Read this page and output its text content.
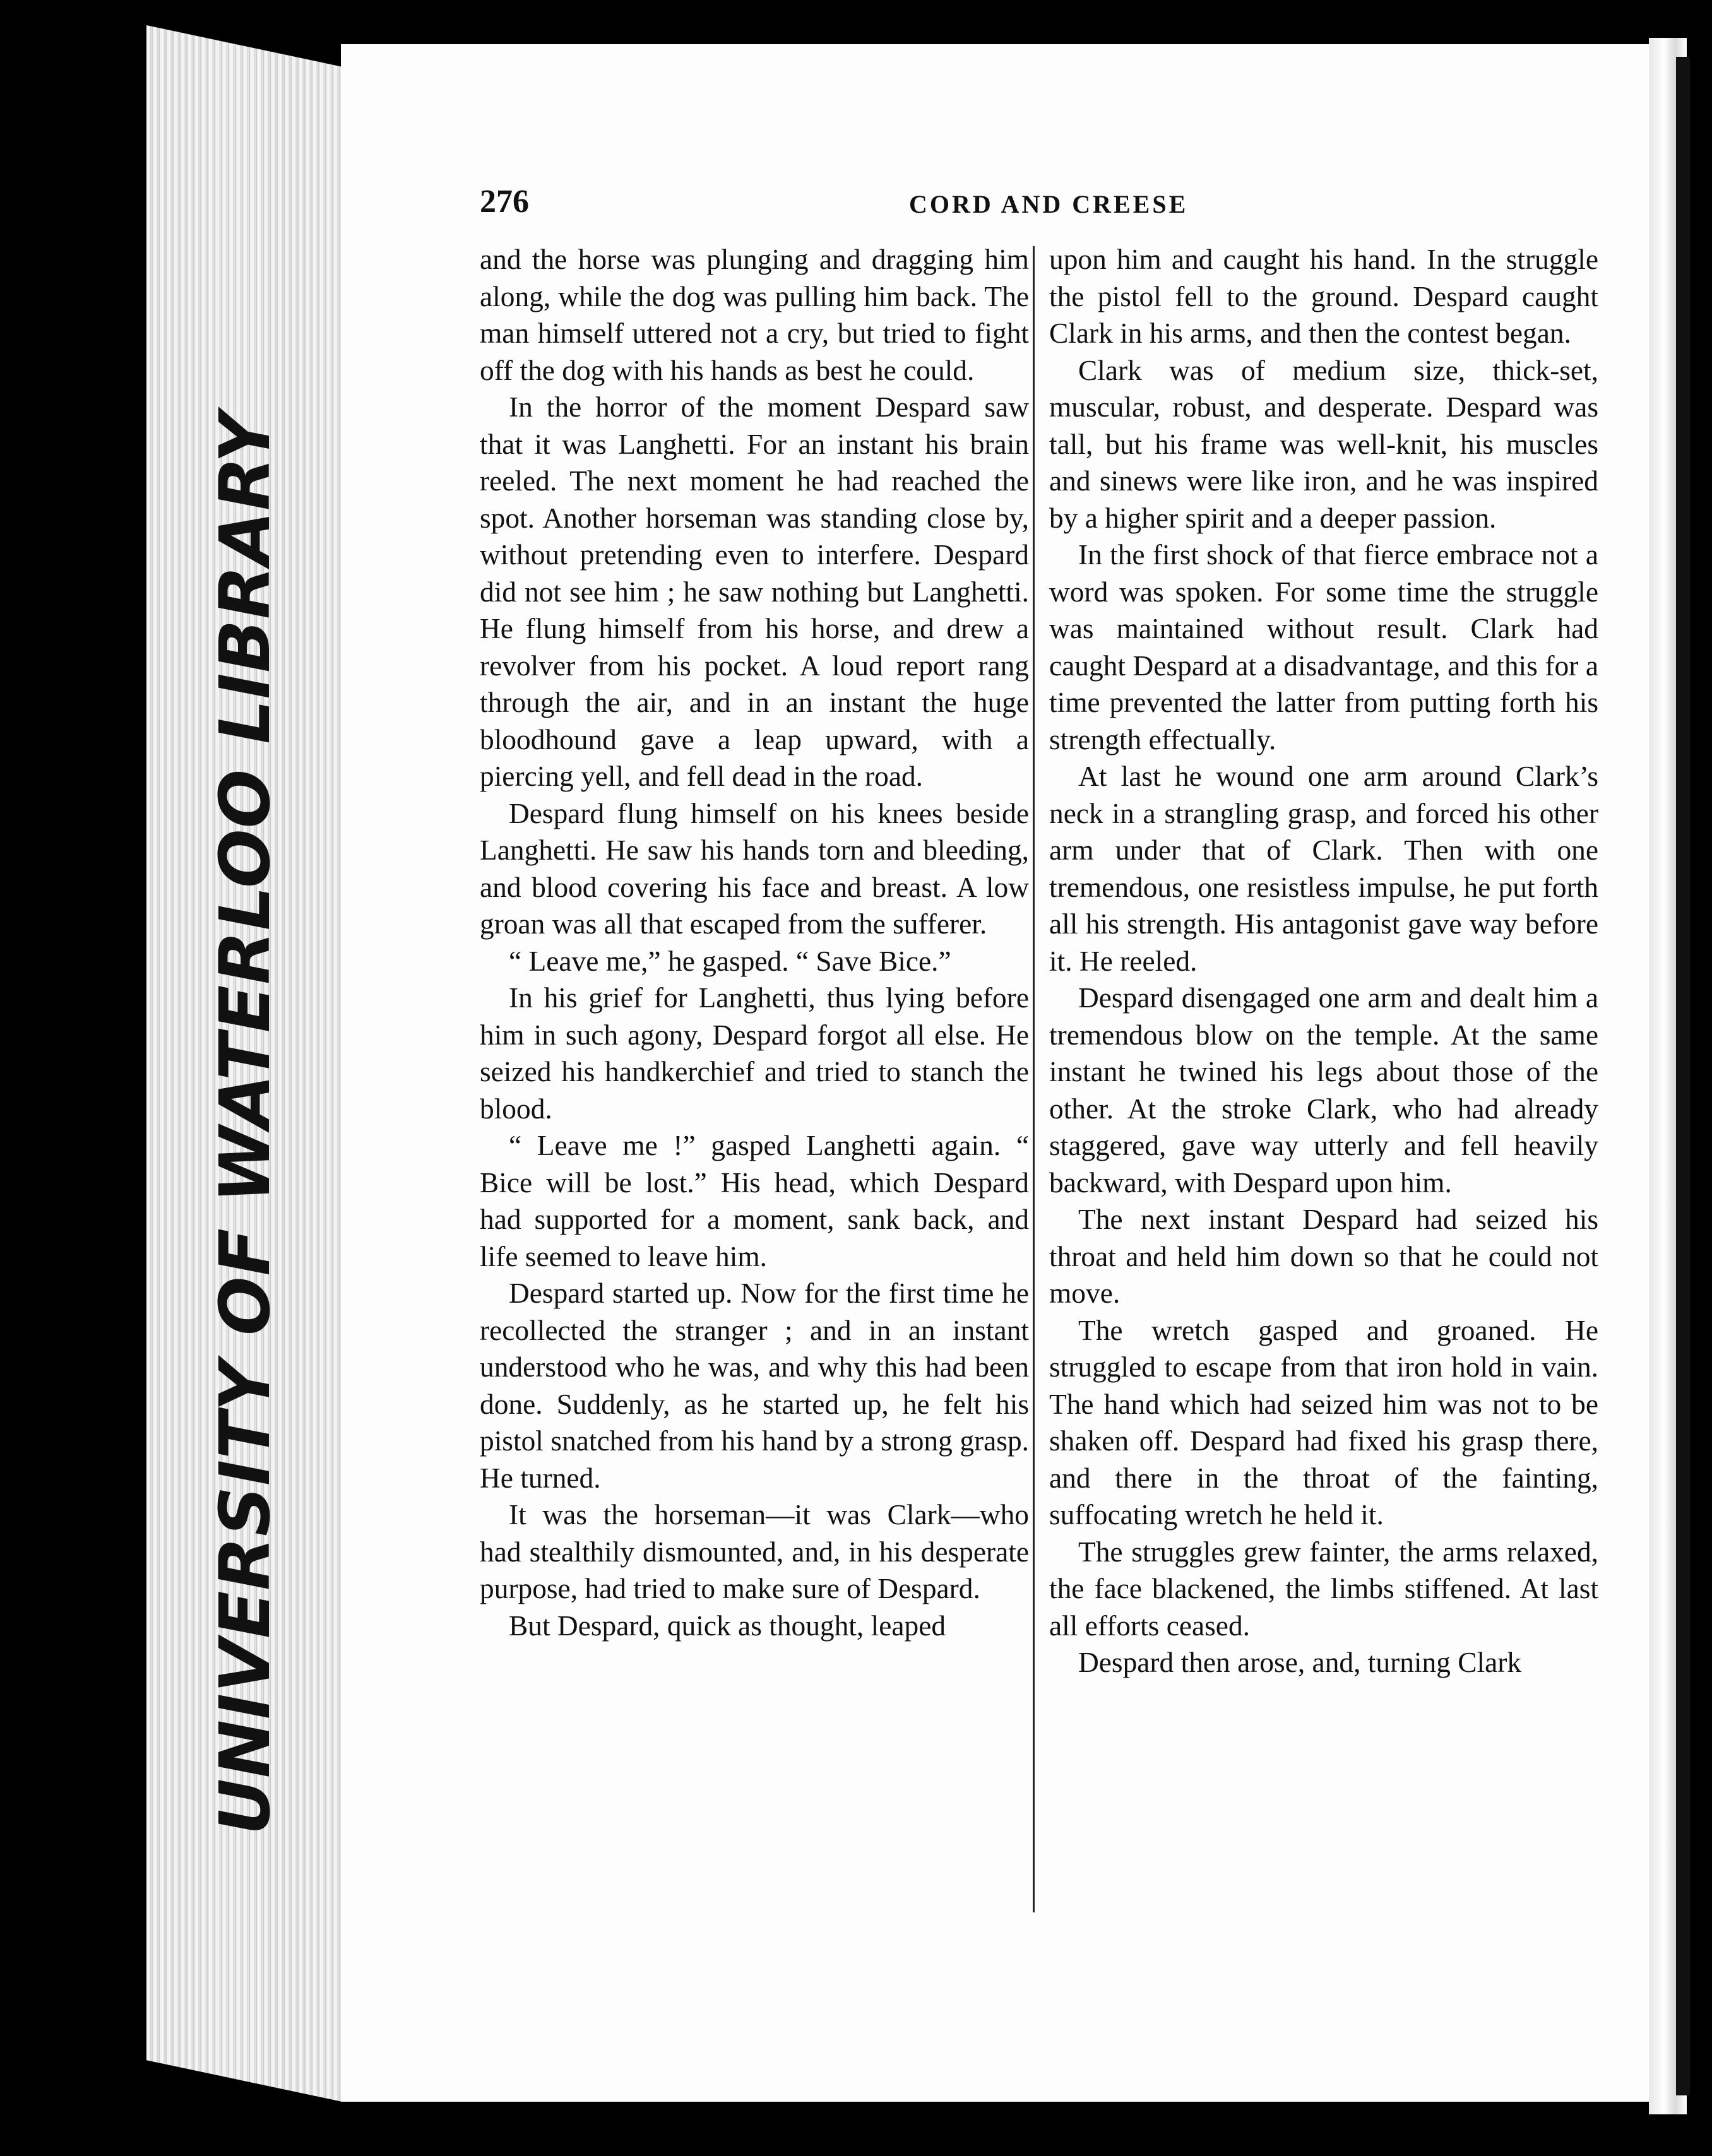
UNIVERSITY OF WATERLOO LIBRARY
276	CORD AND CREESE

and the horse was plunging and dragging him along, while the dog was pulling him back. The man himself uttered not a cry, but tried to fight off the dog with his hands as best he could.

In the horror of the moment Despard saw that it was Langhetti. For an instant his brain reeled. The next moment he had reached the spot. Another horseman was standing close by, without pretending even to interfere. Despard did not see him ; he saw nothing but Langhetti. He flung himself from his horse, and drew a revolver from his pocket. A loud report rang through the air, and in an instant the huge bloodhound gave a leap upward, with a piercing yell, and fell dead in the road.

Despard flung himself on his knees beside Langhetti. He saw his hands torn and bleeding, and blood covering his face and breast. A low groan was all that escaped from the sufferer.

“ Leave me,” he gasped. “ Save Bice.”

In his grief for Langhetti, thus lying before him in such agony, Despard forgot all else. He seized his handkerchief and tried to stanch the blood.

“ Leave me !” gasped Langhetti again. “ Bice will be lost.” His head, which Despard had supported for a moment, sank back, and life seemed to leave him.

Despard started up. Now for the first time he recollected the stranger ; and in an instant understood who he was, and why this had been done. Suddenly, as he started up, he felt his pistol snatched from his hand by a strong grasp. He turned.

It was the horseman—it was Clark—who had stealthily dismounted, and, in his desperate purpose, had tried to make sure of Despard.

But Despard, quick as thought, leaped

upon him and caught his hand. In the struggle the pistol fell to the ground. Despard caught Clark in his arms, and then the contest began.

Clark was of medium size, thick-set, muscular, robust, and desperate. Despard was tall, but his frame was well-knit, his muscles and sinews were like iron, and he was inspired by a higher spirit and a deeper passion.

In the first shock of that fierce embrace not a word was spoken. For some time the struggle was maintained without result. Clark had caught Despard at a disadvantage, and this for a time prevented the latter from putting forth his strength effectually.

At last he wound one arm around Clark’s neck in a strangling grasp, and forced his other arm under that of Clark. Then with one tremendous, one resistless impulse, he put forth all his strength. His antagonist gave way before it. He reeled.

Despard disengaged one arm and dealt him a tremendous blow on the temple. At the same instant he twined his legs about those of the other. At the stroke Clark, who had already staggered, gave way utterly and fell heavily backward, with Despard upon him.

The next instant Despard had seized his throat and held him down so that he could not move.

The wretch gasped and groaned. He struggled to escape from that iron hold in vain. The hand which had seized him was not to be shaken off. Despard had fixed his grasp there, and there in the throat of the fainting, suffocating wretch he held it.

The struggles grew fainter, the arms relaxed, the face blackened, the limbs stiffened. At last all efforts ceased.

Despard then arose, and, turning Clark
